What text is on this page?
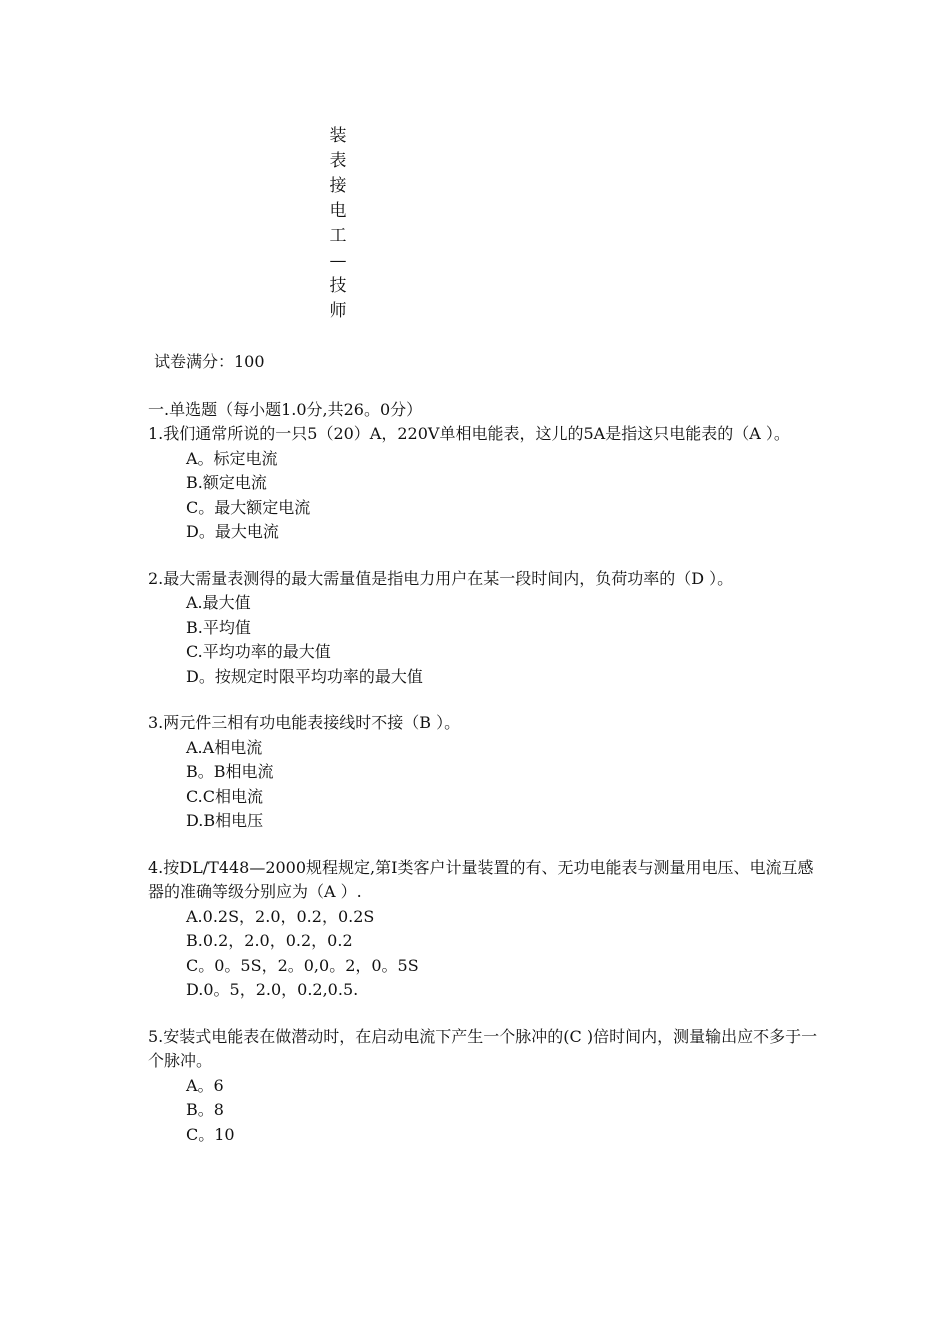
装
表
接
电
工
—
技
师
试卷满分：100
一.单选题（每小题1.0分,共26。0分）
1.我们通常所说的一只5（20）A，220V单相电能表，这儿的5A是指这只电能表的（A ）。
A。标定电流
B.额定电流
C。最大额定电流
D。最大电流
2.最大需量表测得的最大需量值是指电力用户在某一段时间内，负荷功率的（D ）。
A.最大值
B.平均值
C.平均功率的最大值
D。按规定时限平均功率的最大值
3.两元件三相有功电能表接线时不接（B ）。
A.A相电流
B。B相电流
C.C相电流
D.B相电压
4.按DL/T448—2000规程规定,第Ⅰ类客户计量装置的有、无功电能表与测量用电压、电流互感器的准确等级分别应为（A ）.
A.0.2S，2.0，0.2，0.2S
B.0.2，2.0，0.2，0.2
C。0。5S，2。0,0。2，0。5S
D.0。5，2.0，0.2,0.5.
5.安装式电能表在做潜动时，在启动电流下产生一个脉冲的(C )倍时间内，测量输出应不多于一个脉冲。
A。6
B。8
C。10
